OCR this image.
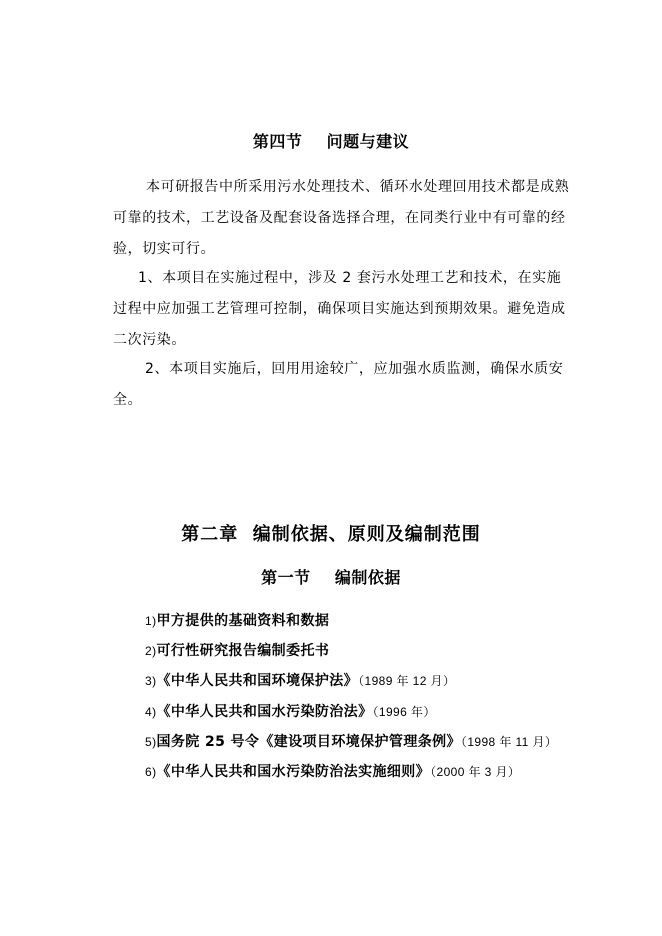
第四节    问题与建议
本可研报告中所采用污水处理技术、循环水处理回用技术都是成熟可靠的技术，工艺设备及配套设备选择合理，在同类行业中有可靠的经验，切实可行。
1、本项目在实施过程中，涉及 2 套污水处理工艺和技术，在实施过程中应加强工艺管理可控制，确保项目实施达到预期效果。避免造成二次污染。
2、本项目实施后，回用用途较广，应加强水质监测，确保水质安全。
第二章  编制依据、原则及编制范围
第一节    编制依据
1)甲方提供的基础资料和数据
2)可行性研究报告编制委托书
3)《中华人民共和国环境保护法》（1989 年 12 月）
4)《中华人民共和国水污染防治法》（1996 年）
5)国务院 25 号令《建设项目环境保护管理条例》（1998 年 11 月）
6)《中华人民共和国水污染防治法实施细则》（2000 年 3 月）
